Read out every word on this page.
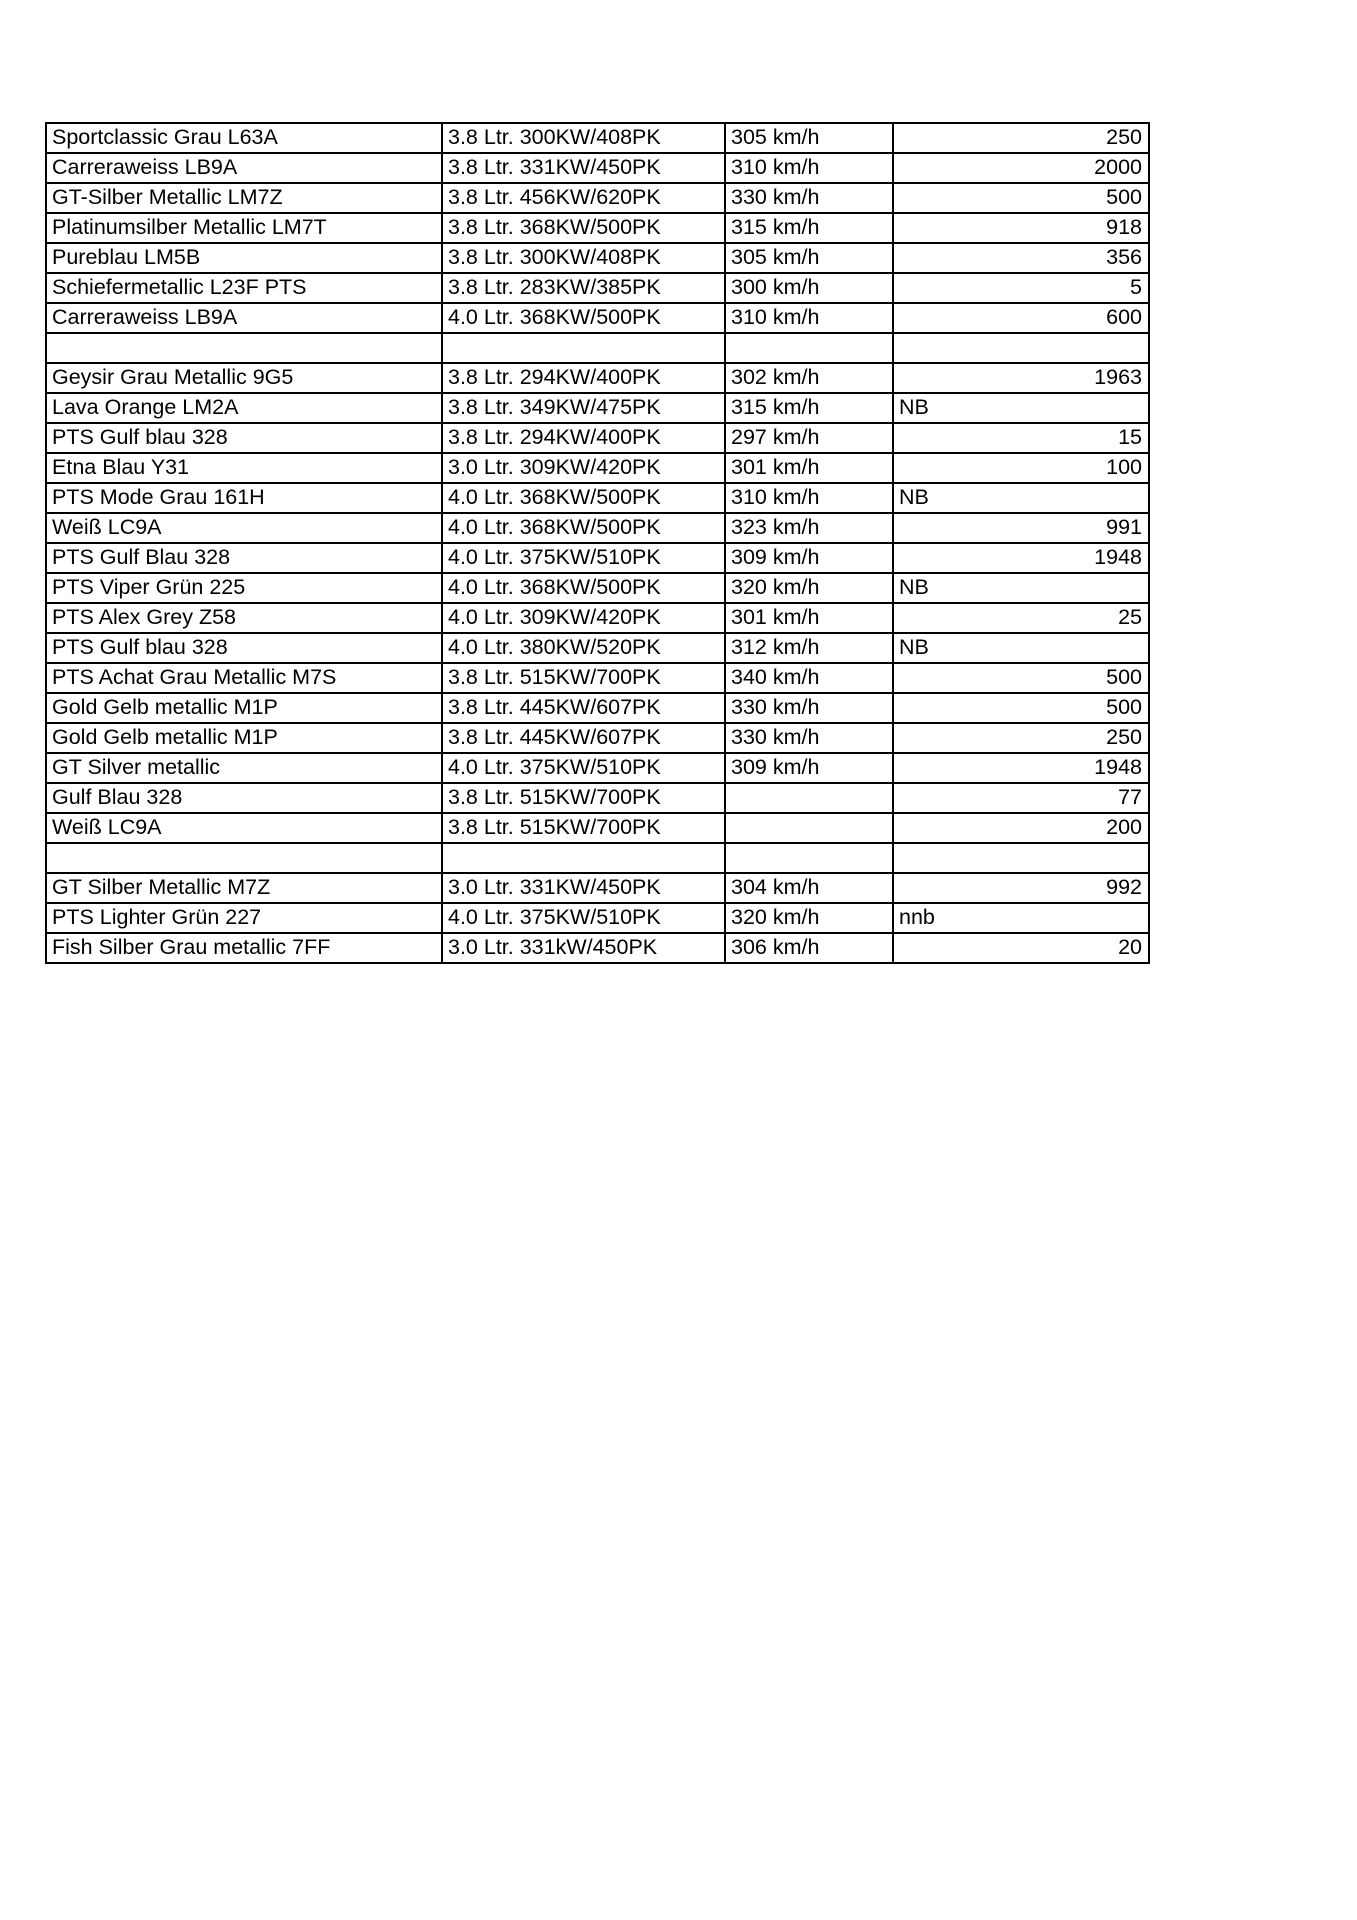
Sportclassic Grau L63A	3.8 Ltr. 300KW/408PK	305 km/h	250
Carreraweiss LB9A	3.8 Ltr. 331KW/450PK	310 km/h	2000
GT-Silber Metallic LM7Z	3.8 Ltr. 456KW/620PK	330 km/h	500
Platinumsilber Metallic LM7T	3.8 Ltr. 368KW/500PK	315 km/h	918
Pureblau LM5B	3.8 Ltr. 300KW/408PK	305 km/h	356
Schiefermetallic L23F PTS	3.8 Ltr. 283KW/385PK	300 km/h	5
Carreraweiss LB9A	4.0 Ltr. 368KW/500PK	310 km/h	600

Geysir Grau Metallic 9G5	3.8 Ltr. 294KW/400PK	302 km/h	1963
Lava Orange LM2A	3.8 Ltr. 349KW/475PK	315 km/h	NB
PTS Gulf blau 328	3.8 Ltr. 294KW/400PK	297 km/h	15
Etna Blau Y31	3.0 Ltr. 309KW/420PK	301 km/h	100
PTS Mode Grau 161H	4.0 Ltr. 368KW/500PK	310 km/h	NB
Weiß LC9A	4.0 Ltr. 368KW/500PK	323 km/h	991
PTS Gulf Blau 328	4.0 Ltr. 375KW/510PK	309 km/h	1948
PTS Viper Grün 225	4.0 Ltr. 368KW/500PK	320 km/h	NB
PTS Alex Grey Z58	4.0 Ltr. 309KW/420PK	301 km/h	25
PTS Gulf blau 328	4.0 Ltr. 380KW/520PK	312 km/h	NB
PTS Achat Grau Metallic M7S	3.8 Ltr. 515KW/700PK	340 km/h	500
Gold Gelb metallic M1P	3.8 Ltr. 445KW/607PK	330 km/h	500
Gold Gelb metallic M1P	3.8 Ltr. 445KW/607PK	330 km/h	250
GT Silver metallic	4.0 Ltr. 375KW/510PK	309 km/h	1948
Gulf Blau 328	3.8 Ltr. 515KW/700PK		77
Weiß LC9A	3.8 Ltr. 515KW/700PK		200

GT Silber Metallic M7Z	3.0 Ltr. 331KW/450PK	304 km/h	992
PTS Lighter Grün 227	4.0 Ltr. 375KW/510PK	320 km/h	nnb
Fish Silber Grau metallic 7FF	3.0 Ltr. 331kW/450PK	306 km/h	20
